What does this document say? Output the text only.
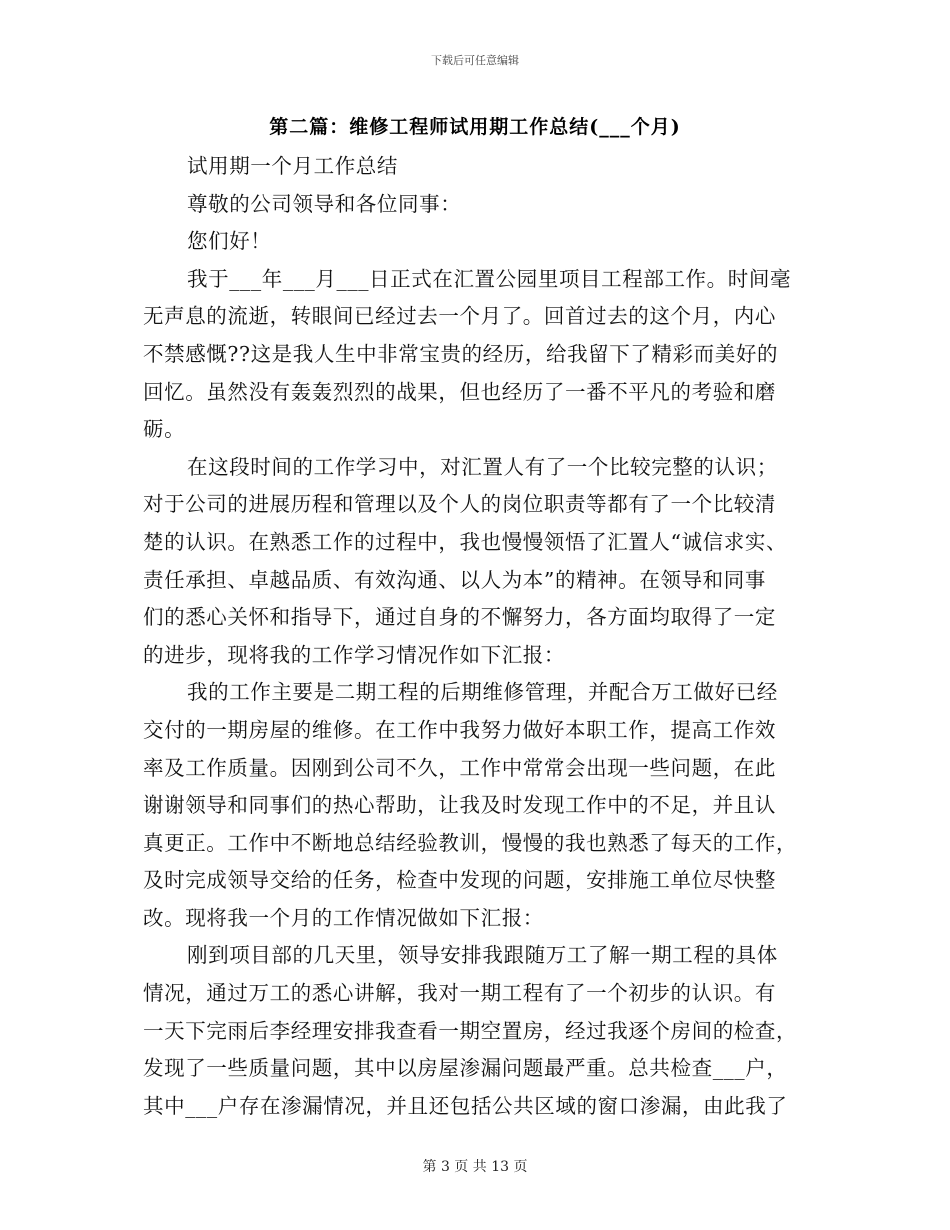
下载后可任意编辑
第二篇：维修工程师试用期工作总结(___个月)
试用期一个月工作总结
尊敬的公司领导和各位同事：
您们好！
我于___年___月___日正式在汇置公园里项目工程部工作。时间毫
无声息的流逝，转眼间已经过去一个月了。回首过去的这个月，内心
不禁感慨??这是我人生中非常宝贵的经历，给我留下了精彩而美好的
回忆。虽然没有轰轰烈烈的战果，但也经历了一番不平凡的考验和磨
砺。
在这段时间的工作学习中，对汇置人有了一个比较完整的认识；
对于公司的进展历程和管理以及个人的岗位职责等都有了一个比较清
楚的认识。在熟悉工作的过程中，我也慢慢领悟了汇置人“诚信求实、
责任承担、卓越品质、有效沟通、以人为本”的精神。在领导和同事
们的悉心关怀和指导下，通过自身的不懈努力，各方面均取得了一定
的进步，现将我的工作学习情况作如下汇报：
我的工作主要是二期工程的后期维修管理，并配合万工做好已经
交付的一期房屋的维修。在工作中我努力做好本职工作，提高工作效
率及工作质量。因刚到公司不久，工作中常常会出现一些问题，在此
谢谢领导和同事们的热心帮助，让我及时发现工作中的不足，并且认
真更正。工作中不断地总结经验教训，慢慢的我也熟悉了每天的工作，
及时完成领导交给的任务，检查中发现的问题，安排施工单位尽快整
改。现将我一个月的工作情况做如下汇报：
刚到项目部的几天里，领导安排我跟随万工了解一期工程的具体
情况，通过万工的悉心讲解，我对一期工程有了一个初步的认识。有
一天下完雨后李经理安排我查看一期空置房，经过我逐个房间的检查，
发现了一些质量问题，其中以房屋渗漏问题最严重。总共检查___户，
其中___户存在渗漏情况，并且还包括公共区域的窗口渗漏，由此我了
第 3 页 共 13 页
